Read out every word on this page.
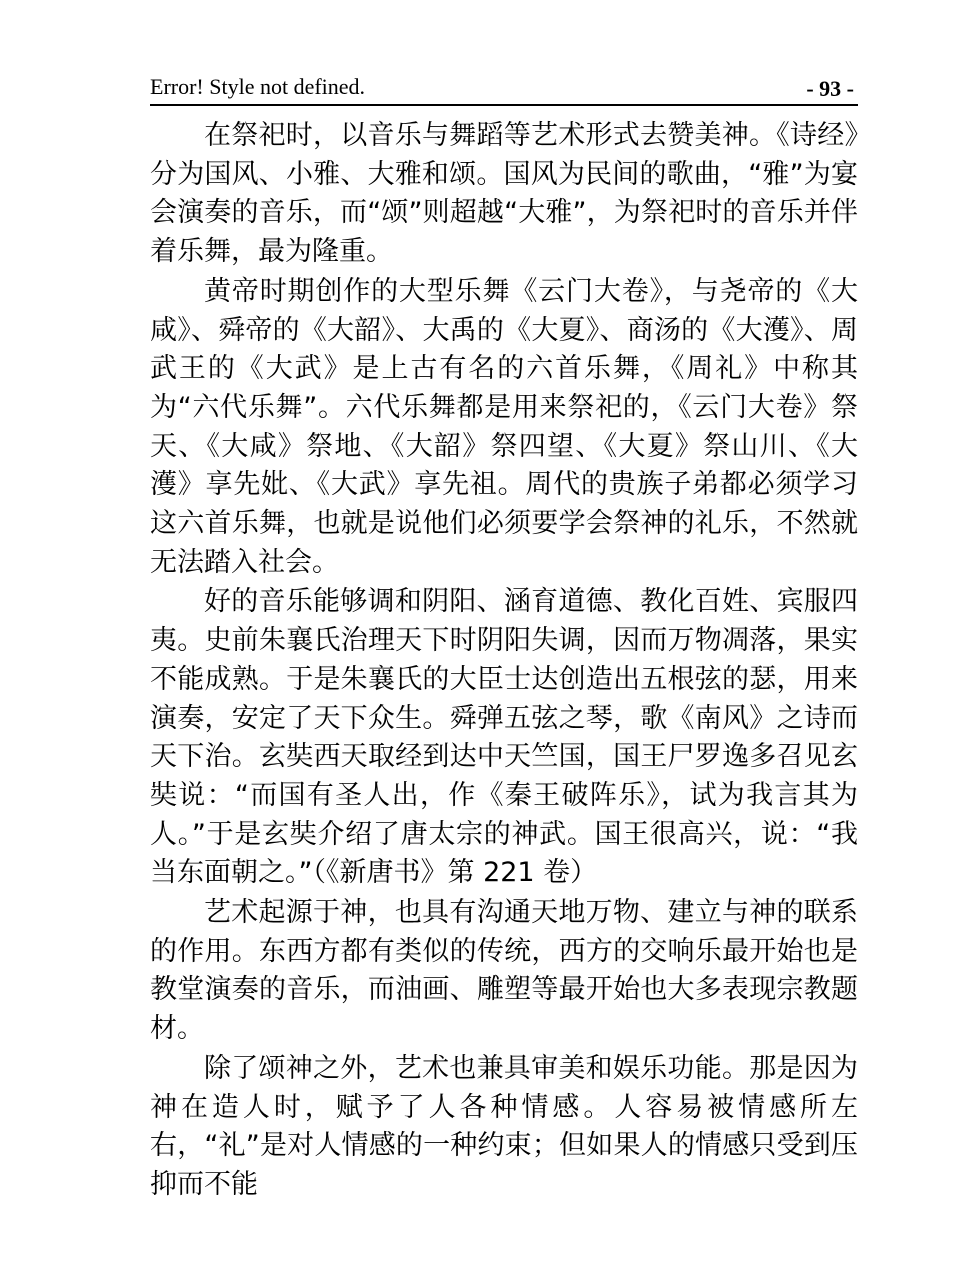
Error! Style not defined.	- 93 -

在祭祀时，以音乐与舞蹈等艺术形式去赞美神。《诗经》分为国风、小雅、大雅和颂。国风为民间的歌曲，“雅”为宴会演奏的音乐，而“颂”则超越“大雅”，为祭祀时的音乐并伴着乐舞，最为隆重。

黄帝时期创作的大型乐舞《云门大卷》，与尧帝的《大咸》、舜帝的《大韶》、大禹的《大夏》、商汤的《大濩》、周武王的《大武》是上古有名的六首乐舞，《周礼》中称其为“六代乐舞”。六代乐舞都是用来祭祀的，《云门大卷》祭天、《大咸》祭地、《大韶》祭四望、《大夏》祭山川、《大濩》享先妣、《大武》享先祖。周代的贵族子弟都必须学习这六首乐舞，也就是说他们必须要学会祭神的礼乐，不然就无法踏入社会。

好的音乐能够调和阴阳、涵育道德、教化百姓、宾服四夷。史前朱襄氏治理天下时阴阳失调，因而万物凋落，果实不能成熟。于是朱襄氏的大臣士达创造出五根弦的瑟，用来演奏，安定了天下众生。舜弹五弦之琴，歌《南风》之诗而天下治。玄奘西天取经到达中天竺国，国王尸罗逸多召见玄奘说：“而国有圣人出，作《秦王破阵乐》，试为我言其为人。”于是玄奘介绍了唐太宗的神武。国王很高兴，说：“我当东面朝之。”（《新唐书》第 221 卷）

艺术起源于神，也具有沟通天地万物、建立与神的联系的作用。东西方都有类似的传统，西方的交响乐最开始也是教堂演奏的音乐，而油画、雕塑等最开始也大多表现宗教题材。

除了颂神之外，艺术也兼具审美和娱乐功能。那是因为神在造人时，赋予了人各种情感。人容易被情感所左右，“礼”是对人情感的一种约束；但如果人的情感只受到压抑而不能
